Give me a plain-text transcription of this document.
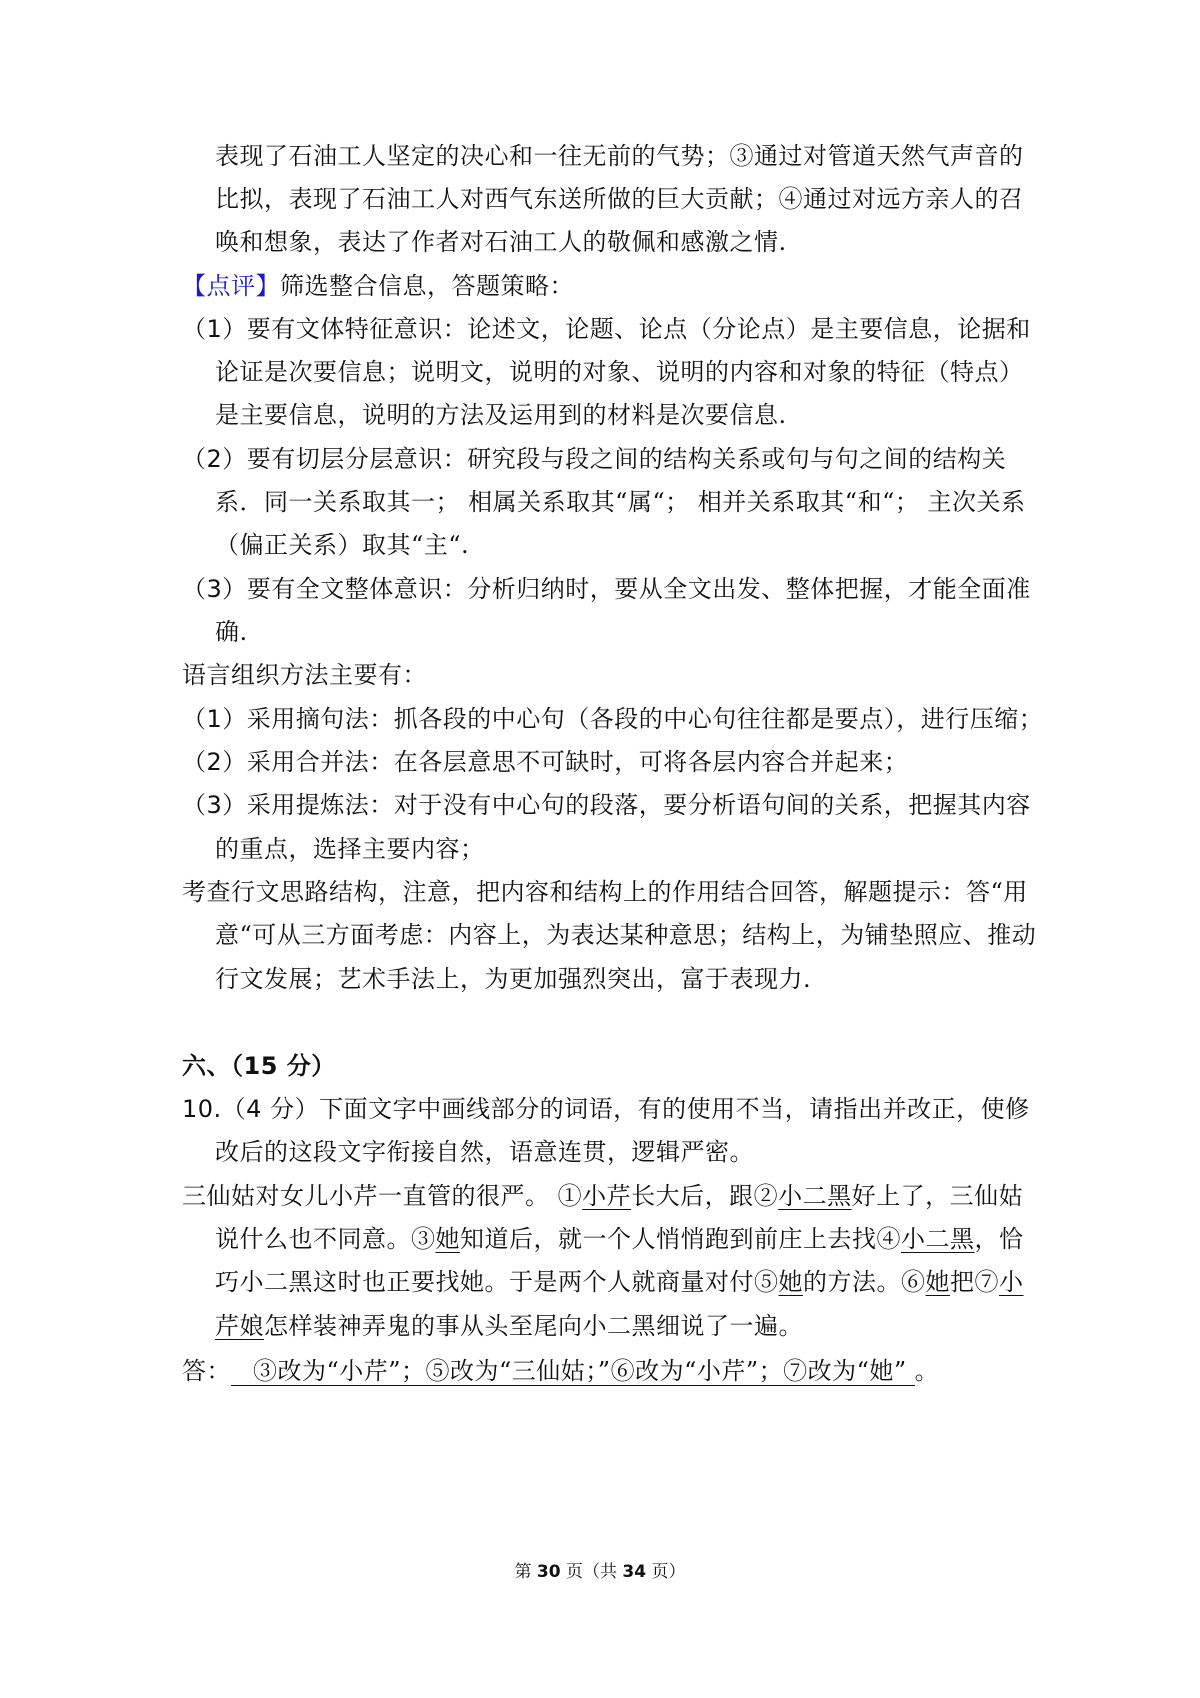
表现了石油工人坚定的决心和一往无前的气势；③通过对管道天然气声音的
比拟，表现了石油工人对西气东送所做的巨大贡献；④通过对远方亲人的召
唤和想象，表达了作者对石油工人的敬佩和感激之情.
【点评】筛选整合信息，答题策略：
（1）要有文体特征意识：论述文，论题、论点（分论点）是主要信息，论据和
论证是次要信息；说明文，说明的对象、说明的内容和对象的特征（特点）
是主要信息，说明的方法及运用到的材料是次要信息.
（2）要有切层分层意识：研究段与段之间的结构关系或句与句之间的结构关
系．同一关系取其一； 相属关系取其“属“； 相并关系取其“和“； 主次关系
（偏正关系）取其“主“.
（3）要有全文整体意识：分析归纳时，要从全文出发、整体把握，才能全面准
确.
语言组织方法主要有：
（1）采用摘句法：抓各段的中心句（各段的中心句往往都是要点），进行压缩；
（2）采用合并法：在各层意思不可缺时，可将各层内容合并起来；
（3）采用提炼法：对于没有中心句的段落，要分析语句间的关系，把握其内容
的重点，选择主要内容；
考查行文思路结构，注意，把内容和结构上的作用结合回答，解题提示：答“用
意“可从三方面考虑：内容上，为表达某种意思；结构上，为铺垫照应、推动
行文发展；艺术手法上，为更加强烈突出，富于表现力.
六、（15 分）
10.（4 分）下面文字中画线部分的词语，有的使用不当，请指出并改正，使修
改后的这段文字衔接自然，语意连贯，逻辑严密。
三仙姑对女儿小芹一直管的很严。 ①小芹长大后，跟②小二黑好上了，三仙姑
说什么也不同意。③她知道后，就一个人悄悄跑到前庄上去找④小二黑，恰
巧小二黑这时也正要找她。于是两个人就商量对付⑤她的方法。⑥她把⑦小
芹娘怎样装神弄鬼的事从头至尾向小二黑细说了一遍。
答： ③改为“小芹”；⑤改为“三仙姑；”⑥改为“小芹”；⑦改为“她” 。
第 30 页（共 34 页）
